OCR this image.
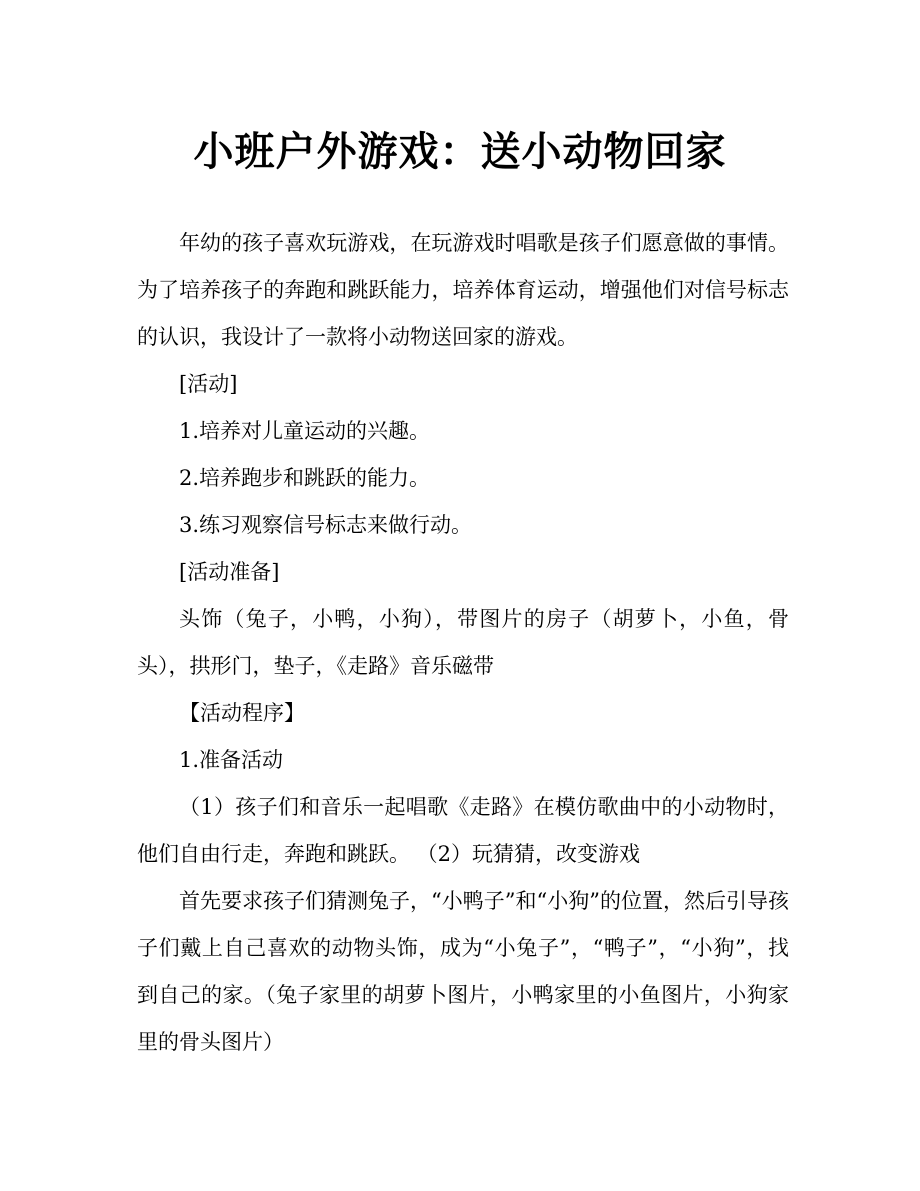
小班户外游戏：送小动物回家

年幼的孩子喜欢玩游戏，在玩游戏时唱歌是孩子们愿意做的事情。为了培养孩子的奔跑和跳跃能力，培养体育运动，增强他们对信号标志的认识，我设计了一款将小动物送回家的游戏。

[活动]

1.培养对儿童运动的兴趣。

2.培养跑步和跳跃的能力。

3.练习观察信号标志来做行动。

[活动准备]

头饰（兔子，小鸭，小狗），带图片的房子（胡萝卜，小鱼，骨头），拱形门，垫子，《走路》音乐磁带

【活动程序】

1.准备活动

（1）孩子们和音乐一起唱歌《走路》在模仿歌曲中的小动物时，他们自由行走，奔跑和跳跃。 （2）玩猜猜，改变游戏

首先要求孩子们猜测兔子，“小鸭子”和“小狗”的位置，然后引导孩子们戴上自己喜欢的动物头饰，成为“小兔子”，“鸭子”，“小狗”，找到自己的家。（兔子家里的胡萝卜图片，小鸭家里的小鱼图片，小狗家里的骨头图片）
